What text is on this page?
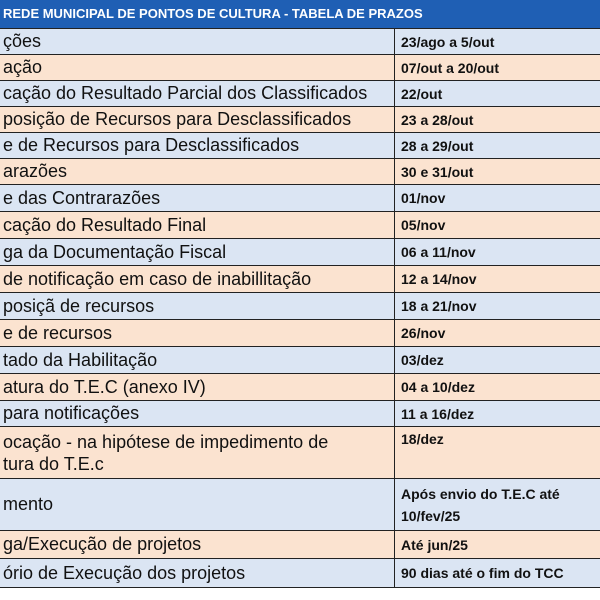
REDE MUNICIPAL DE PONTOS DE CULTURA - TABELA DE PRAZOS
ções	23/ago a 5/out
ação	07/out a 20/out
cação do Resultado Parcial dos Classificados	22/out
posição de Recursos para Desclassificados	23 a 28/out
e de Recursos para Desclassificados	28 a 29/out
arazões	30 e 31/out
e das Contrarazões	01/nov
cação do Resultado Final	05/nov
ga da Documentação Fiscal	06 a 11/nov
de notificação em caso de inabillitação	12 a 14/nov
posiçã de recursos	18 a 21/nov
e de recursos	26/nov
tado da Habilitação	03/dez
atura do T.E.C (anexo IV)	04 a 10/dez
para notificações	11 a 16/dez
ocação - na hipótese de impedimento de
tura do T.E.c	18/dez
mento	Após envio do T.E.C até
10/fev/25
ga/Execução de projetos	Até jun/25
ório de Execução dos projetos	90 dias até o fim do TCC
